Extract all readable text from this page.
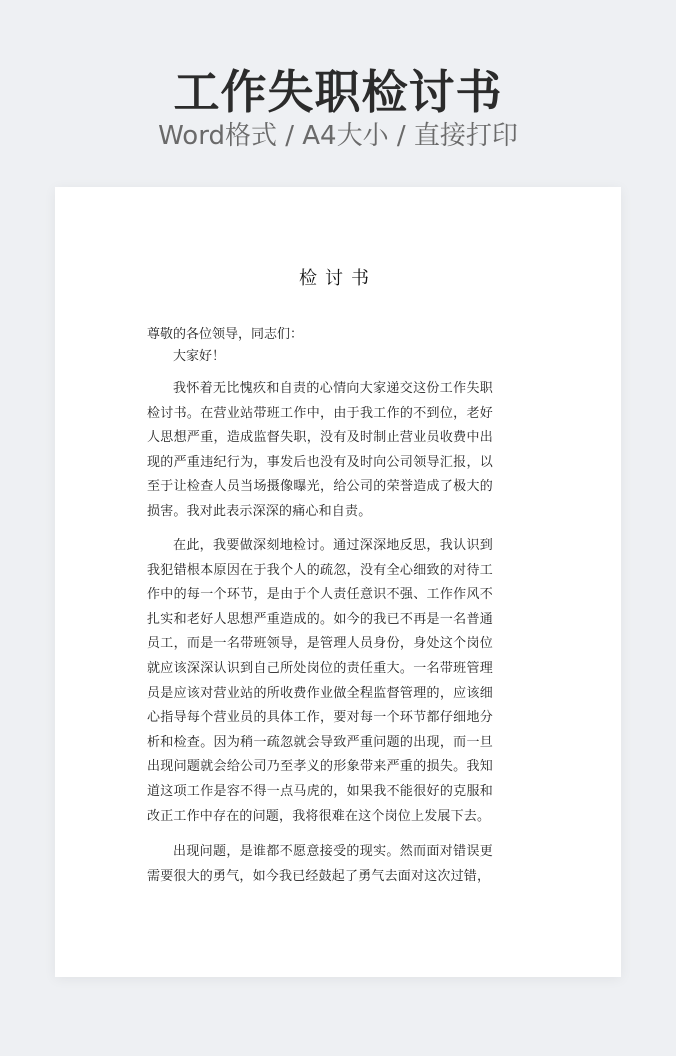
工作失职检讨书
Word格式 / A4大小 / 直接打印
检讨书
尊敬的各位领导，同志们：
大家好！

我怀着无比愧疚和自责的心情向大家递交这份工作失职检讨书。在营业站带班工作中，由于我工作的不到位，老好人思想严重，造成监督失职，没有及时制止营业员收费中出现的严重违纪行为，事发后也没有及时向公司领导汇报，以至于让检查人员当场摄像曝光，给公司的荣誉造成了极大的损害。我对此表示深深的痛心和自责。

在此，我要做深刻地检讨。通过深深地反思，我认识到我犯错根本原因在于我个人的疏忽，没有全心细致的对待工作中的每一个环节，是由于个人责任意识不强、工作作风不扎实和老好人思想严重造成的。如今的我已不再是一名普通员工，而是一名带班领导，是管理人员身份，身处这个岗位就应该深深认识到自己所处岗位的责任重大。一名带班管理员是应该对营业站的所收费作业做全程监督管理的，应该细心指导每个营业员的具体工作，要对每一个环节都仔细地分析和检查。因为稍一疏忽就会导致严重问题的出现，而一旦出现问题就会给公司乃至孝义的形象带来严重的损失。我知道这项工作是容不得一点马虎的，如果我不能很好的克服和改正工作中存在的问题，我将很难在这个岗位上发展下去。

出现问题，是谁都不愿意接受的现实。然而面对错误更需要很大的勇气，如今我已经鼓起了勇气去面对这次过错，
